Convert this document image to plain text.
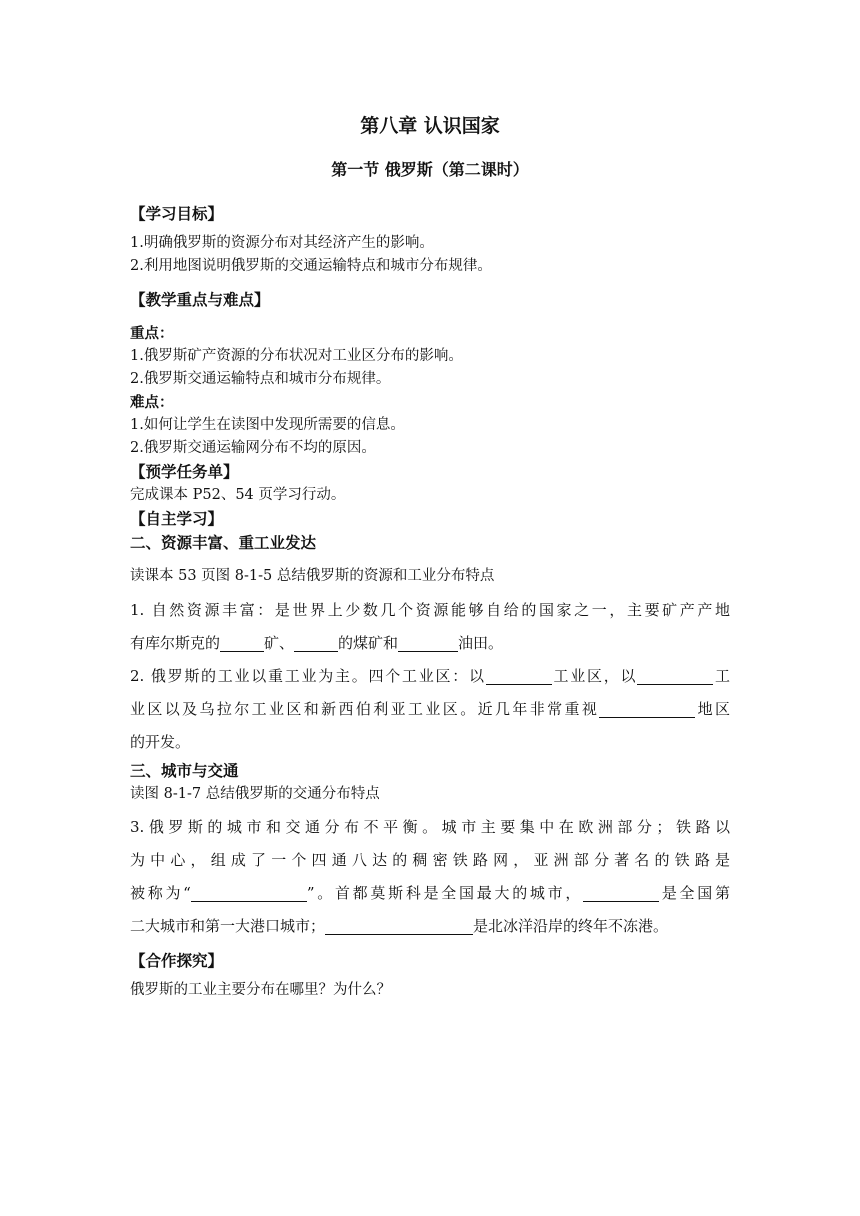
第八章 认识国家
第一节 俄罗斯（第二课时）

【学习目标】

1.明确俄罗斯的资源分布对其经济产生的影响。

2.利用地图说明俄罗斯的交通运输特点和城市分布规律。

【教学重点与难点】

重点：

1.俄罗斯矿产资源的分布状况对工业区分布的影响。

2.俄罗斯交通运输特点和城市分布规律。

难点：

1.如何让学生在读图中发现所需要的信息。

2.俄罗斯交通运输网分布不均的原因。

【预学任务单】

完成课本 P52、54 页学习行动。

【自主学习】

二、资源丰富、重工业发达

读课本 53 页图 8-1-5 总结俄罗斯的资源和工业分布特点

1. 自然资源丰富：是世界上少数几个资源能够自给的国家之一，主要矿产产地

有库尔斯克的	矿、	的煤矿和	油田。

2. 俄罗斯的工业以重工业为主。四个工业区：以	工业区，以	工

业区以及乌拉尔工业区和新西伯利亚工业区。近几年非常重视	地区

的开发。

三、城市与交通

读图 8-1-7 总结俄罗斯的交通分布特点

3.俄罗斯的城市和交通分布不平衡。城市主要集中在欧洲部分；铁路以

为中心，组成了一个四通八达的稠密铁路网，亚洲部分著名的铁路是

被称为“	”。首都莫斯科是全国最大的城市，	是全国第

二大城市和第一大港口城市；	是北冰洋沿岸的终年不冻港。

【合作探究】

俄罗斯的工业主要分布在哪里？为什么？
